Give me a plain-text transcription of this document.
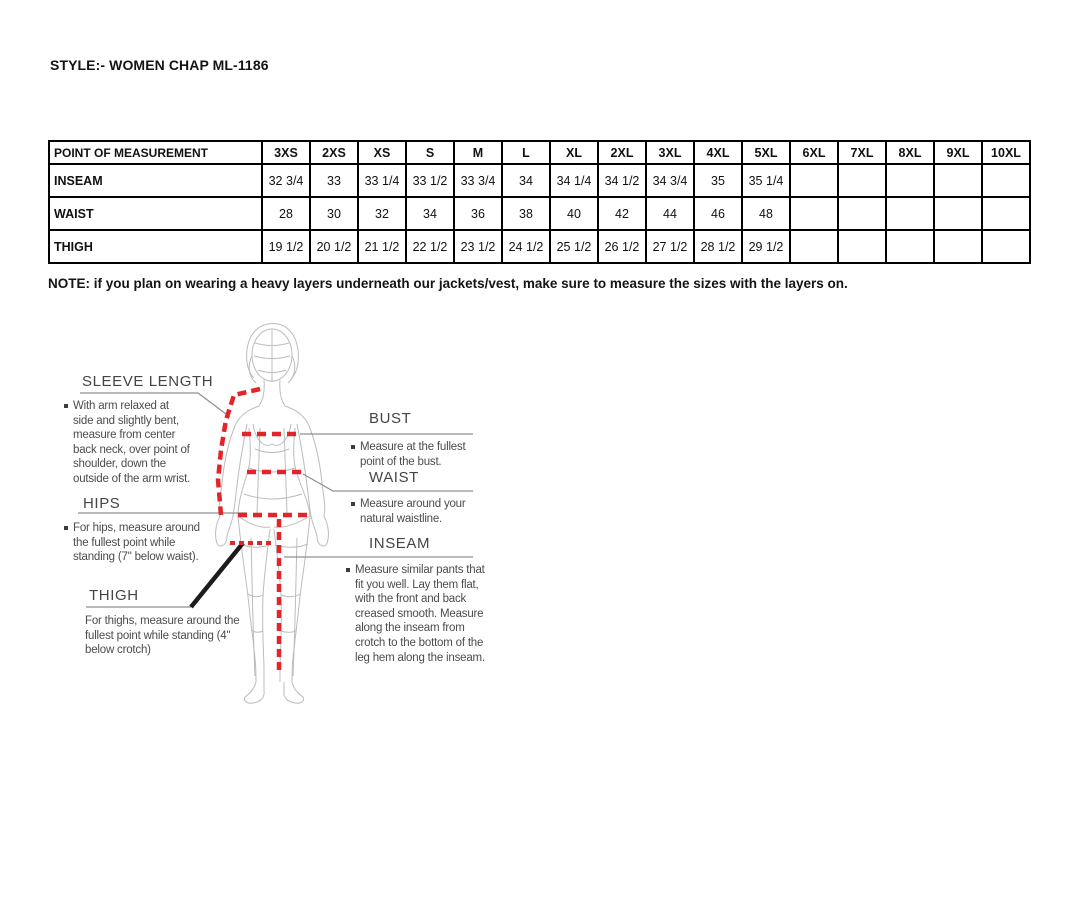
STYLE:- WOMEN CHAP ML-1186
POINT OF MEASUREMENT	3XS	2XS	XS	S	M	L	XL	2XL	3XL	4XL	5XL	6XL	7XL	8XL	9XL	10XL
INSEAM	32 3/4	33	33 1/4	33 1/2	33 3/4	34	34 1/4	34 1/2	34 3/4	35	35 1/4					
WAIST	28	30	32	34	36	38	40	42	44	46	48					
THIGH	19 1/2	20 1/2	21 1/2	22 1/2	23 1/2	24 1/2	25 1/2	26 1/2	27 1/2	28 1/2	29 1/2					
NOTE: if you plan on wearing a heavy layers underneath our jackets/vest, make sure to measure the sizes with the layers on.
SLEEVE LENGTH
With arm relaxed at side and slightly bent, measure from center back neck, over point of shoulder, down the outside of the arm wrist.
HIPS
For hips, measure around the fullest point while standing (7" below waist).
THIGH
For thighs, measure around the fullest point while standing (4" below crotch)
BUST
Measure at the fullest point of the bust.
WAIST
Measure around your natural waistline.
INSEAM
Measure similar pants that fit you well. Lay them flat, with the front and back creased smooth. Measure along the inseam from crotch to the bottom of the leg hem along the inseam.
